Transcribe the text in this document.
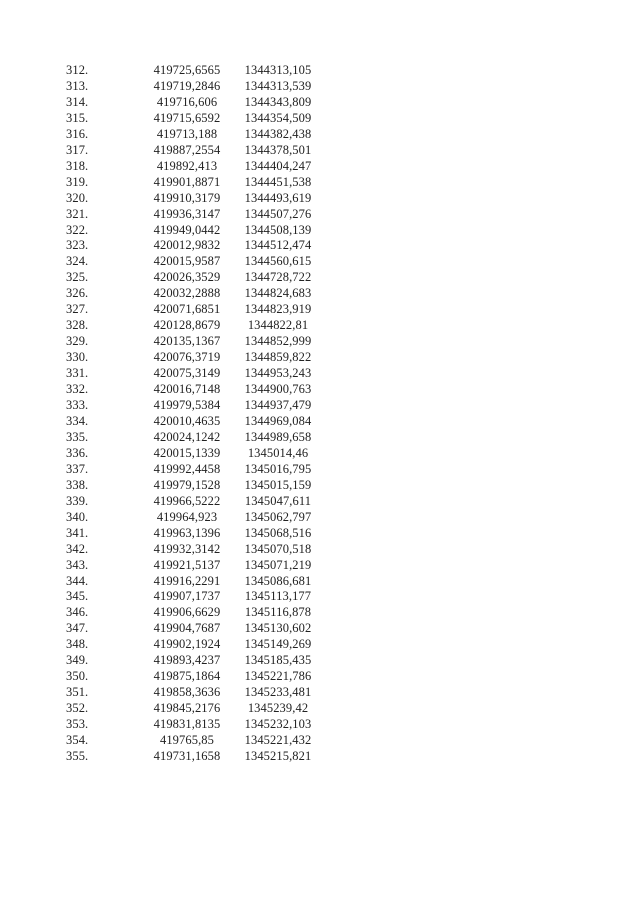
312.	419725,6565	1344313,105
313.	419719,2846	1344313,539
314.	419716,606	1344343,809
315.	419715,6592	1344354,509
316.	419713,188	1344382,438
317.	419887,2554	1344378,501
318.	419892,413	1344404,247
319.	419901,8871	1344451,538
320.	419910,3179	1344493,619
321.	419936,3147	1344507,276
322.	419949,0442	1344508,139
323.	420012,9832	1344512,474
324.	420015,9587	1344560,615
325.	420026,3529	1344728,722
326.	420032,2888	1344824,683
327.	420071,6851	1344823,919
328.	420128,8679	1344822,81
329.	420135,1367	1344852,999
330.	420076,3719	1344859,822
331.	420075,3149	1344953,243
332.	420016,7148	1344900,763
333.	419979,5384	1344937,479
334.	420010,4635	1344969,084
335.	420024,1242	1344989,658
336.	420015,1339	1345014,46
337.	419992,4458	1345016,795
338.	419979,1528	1345015,159
339.	419966,5222	1345047,611
340.	419964,923	1345062,797
341.	419963,1396	1345068,516
342.	419932,3142	1345070,518
343.	419921,5137	1345071,219
344.	419916,2291	1345086,681
345.	419907,1737	1345113,177
346.	419906,6629	1345116,878
347.	419904,7687	1345130,602
348.	419902,1924	1345149,269
349.	419893,4237	1345185,435
350.	419875,1864	1345221,786
351.	419858,3636	1345233,481
352.	419845,2176	1345239,42
353.	419831,8135	1345232,103
354.	419765,85	1345221,432
355.	419731,1658	1345215,821
